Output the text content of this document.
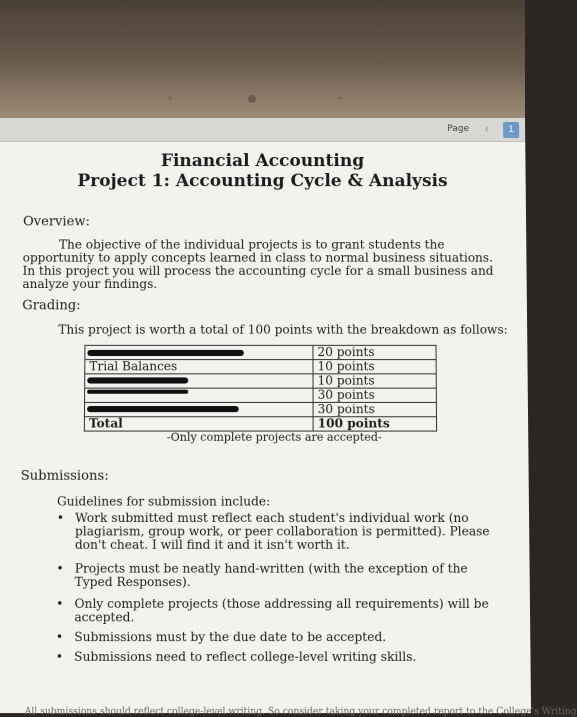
Page ‹	1
Financial Accounting
Project 1: Accounting Cycle & Analysis
Overview:
The objective of the individual projects is to grant students the opportunity to apply concepts learned in class to normal business situations. In this project you will process the accounting cycle for a small business and analyze your findings.
Grading:
This project is worth a total of 100 points with the breakdown as follows:
	20 points
Trial Balances	10 points

	10 points

	30 points

	30 points
Total	100 points
-Only complete projects are accepted-
Submissions:
Guidelines for submission include:
• Work submitted must reflect each student's individual work (no plagiarism, group work, or peer collaboration is permitted). Please don't cheat. I will find it and it isn't worth it.
• Projects must be neatly hand-written (with the exception of the Typed Responses).
• Only complete projects (those addressing all requirements) will be accepted.
• Submissions must by the due date to be accepted.
• Submissions need to reflect college-level writing skills.
All submissions should reflect college-level writing. So consider taking your completed report to the College's Writing
